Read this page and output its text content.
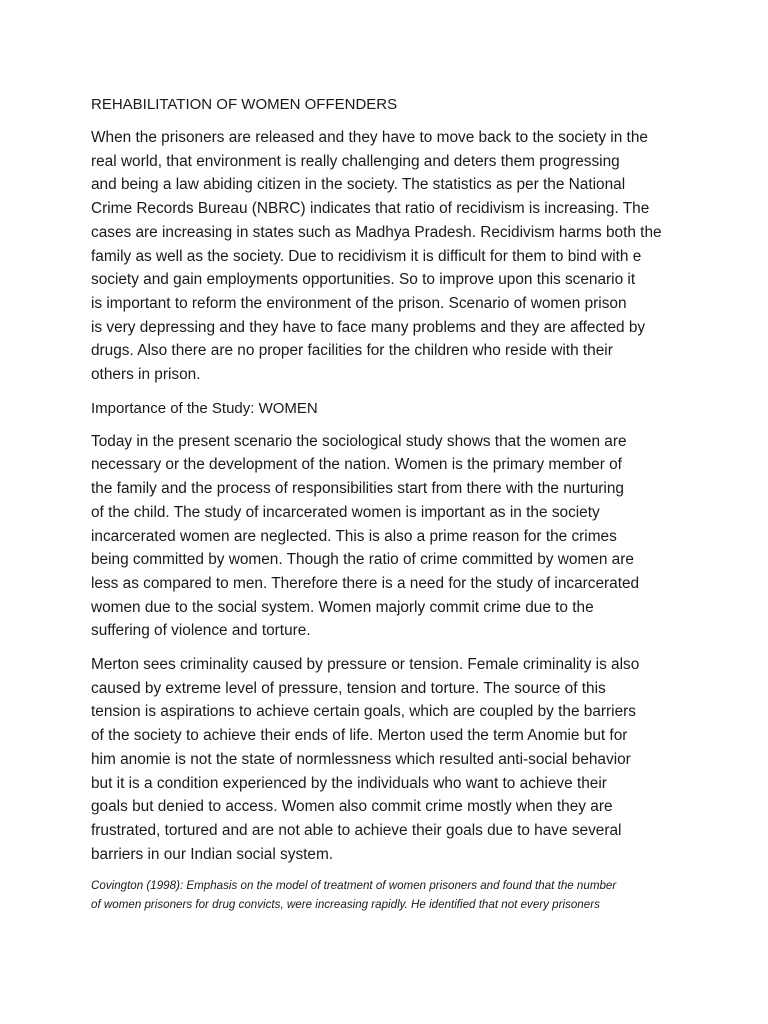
REHABILITATION OF WOMEN OFFENDERS
When the prisoners are released and they have to move back to the society in the
real world, that environment is really challenging and deters them progressing
and being a law abiding citizen in the society. The statistics as per the National
Crime Records Bureau (NBRC) indicates that ratio of recidivism is increasing. The
cases are increasing in states such as Madhya Pradesh. Recidivism harms both the
family as well as the society. Due to recidivism it is difficult for them to bind with e
society and gain employments opportunities. So to improve upon this scenario it
is important to reform the environment of the prison. Scenario of women prison
is very depressing and they have to face many problems and they are affected by
drugs. Also there are no proper facilities for the children who reside with their
others in prison.
Importance of the Study: WOMEN
Today in the present scenario the sociological study shows that the women are
necessary or the development of the nation. Women is the primary member of
the family and the process of responsibilities start from there with the nurturing
of the child. The study of incarcerated women is important as in the society
incarcerated women are neglected. This is also a prime reason for the crimes
being committed by women. Though the ratio of crime committed by women are
less as compared to men. Therefore there is a need for the study of incarcerated
women due to the social system. Women majorly commit crime due to the
suffering of violence and torture.
Merton sees criminality caused by pressure or tension. Female criminality is also
caused by extreme level of pressure, tension and torture. The source of this
tension is aspirations to achieve certain goals, which are coupled by the barriers
of the society to achieve their ends of life. Merton used the term Anomie but for
him anomie is not the state of normlessness which resulted anti-social behavior
but it is a condition experienced by the individuals who want to achieve their
goals but denied to access. Women also commit crime mostly when they are
frustrated, tortured and are not able to achieve their goals due to have several
barriers in our Indian social system.
Covington (1998): Emphasis on the model of treatment of women prisoners and found that the number
of women prisoners for drug convicts, were increasing rapidly. He identified that not every prisoners
